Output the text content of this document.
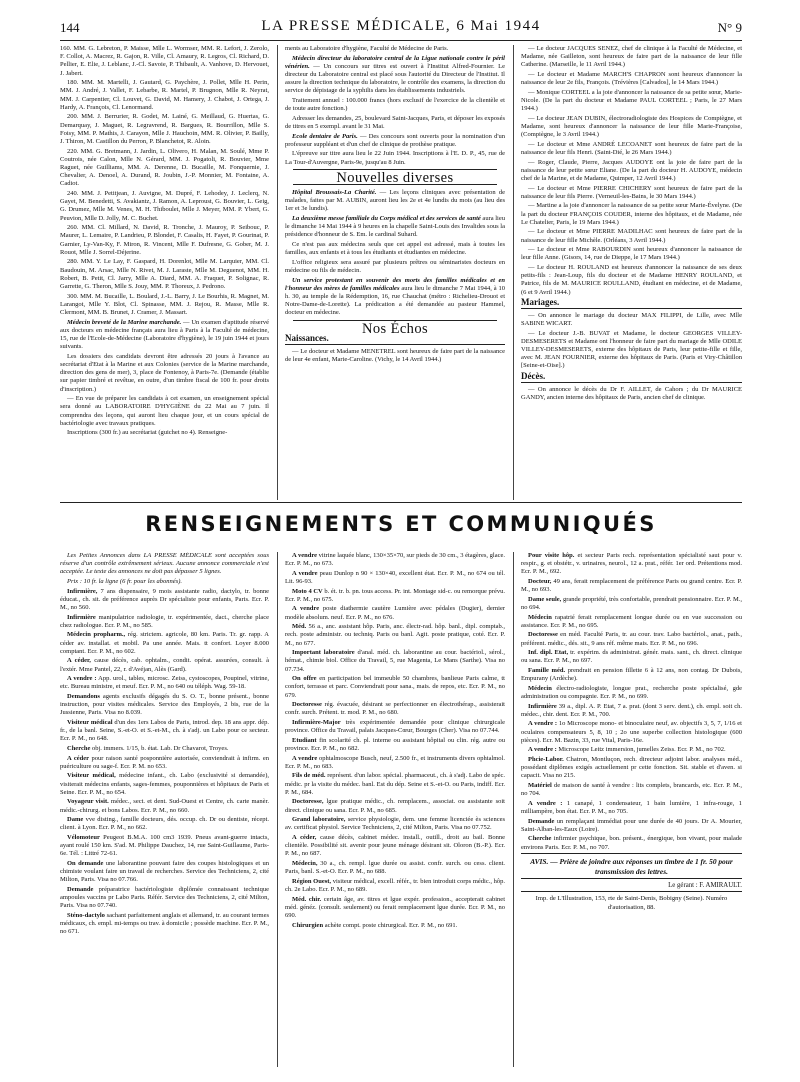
144	LA PRESSE MÉDICALE, 6 Mai 1944	N° 9

160. MM. G. Lebreton, P. Maisse, Mlle L. Wormser, MM. R. Lefort, J. Zerolo, F. Collot, A. Macrez, R. Gajon, R. Ville, Cl. Amaury, R. Legros, Cl. Richard, D. Pellier, E. Elie, J. Leblanc, J.-Cl. Savoie, P. Thibault, A. Vanhove, D. Hervouet, J. Jabert.

180. MM. M. Martelli, J. Gautard, G. Paychère, J. Pollet, Mlle H. Perin, MM. J. André, J. Vallet, F. Lebarbe, R. Martel, P. Brugnon, Mlle R. Neyrat, MM. J. Carpentier, Cl. Louvet, G. David, M. Hamery, J. Chabot, J. Ortega, J. Hardy, A. François, Cl. Lenormand.

200. MM. J. Berrurier, R. Godet, M. Lainé, G. Meillaud, G. Huertas, G. Demarquay, J. Maguet, R. Legravrend, R. Bargues, R. Bourrillon, Mlle S. Foisy, MM. P. Mathis, J. Carayon, Mlle J. Hauchoin, MM. R. Olivier, P. Bailly, J. Thiron, M. Castillon du Perron, P. Blanchetot, R. Aloin.

220. MM. G. Bretmann, J. Jardin, L. Olivero, H. Malan, M. Soulé, Mme P. Coutrois, née Calon, Mlle N. Gérard, MM. J. Pogatoli, R. Bouvier, Mme Raguet, née Guilliams, MM. A. Derenne, D. Bucaille, M. Fonquernie, J. Chevalier, A. Denoel, A. Durand, R. Joubin, J.-P. Monnier, M. Fontaine, A. Cadiot.

240. MM. J. Petitjean, J. Auvigne, M. Dupré, F. Lehodey, J. Leclerq, N. Gayet, M. Benedetti, S. Avakiantz, J. Ramon, A. Leproust, G. Bouvier, L. Geig, G. Drumez, Mlle M. Venes, M. H. Thiboulet, Mlle J. Meyer, MM. P. Ybert, G. Peuvion, Mlle D. Jolly, M. C. Buchet.

260. MM. Cl. Millard, N. David, R. Tronche, J. Mauroy, P. Seibouc, P. Maurer, L. Lemaire, P. Landrieu, P. Blondet, F. Casalis, H. Fayet, P. Gourinat, P. Garnier, Ly-Van-Ky, F. Miron, R. Vincent, Mlle F. Dufresne, G. Gober, M. J. Rouot, Mlle J. Sorrel-Déjerine.

280. MM. Y. Le Lay, F. Gaspard, H. Dorenlot, Mlle M. Larquier, MM. Cl. Baudouin, M. Arsac, Mlle N. Rivet, M. J. Laraste, Mlle M. Deguenot, MM. H. Robert, B. Petit, Cl. Jarry, Mlle A. Diard, MM. A. Fraquet, P. Solignac, R. Garrette, G. Theron, Mlle S. Jouy, MM. P. Thoreux, J. Pedrono.

300. MM. M. Bucaille, L. Boulard, J.-L. Barry, J. Le Bourhis, R. Magnet, M. Larangot, Mlle Y. Blot, Cl. Spinasse, MM. J. Rejou, R. Masse, Mlle R. Clermont, MM. B. Brunet, J. Cramer, J. Massart.

Médecin breveté de la Marine marchande. — Un examen d'aptitude réservé aux docteurs en médecine français aura lieu à Paris à la Faculté de médecine, 15, rue de l'Ecole-de-Médecine (Laboratoire d'hygiène), le 19 juin 1944 et jours suivants.

Les dossiers des candidats devront être adressés 20 jours à l'avance au secrétariat d'Etat à la Marine et aux Colonies (service de la Marine marchande, direction des gens de mer), 3, place de Fontenoy, à Paris-7e. (Demande (établie sur papier timbré et revêtue, en outre, d'un timbre fiscal de 100 fr. pour droits d'inscription.)

— En vue de préparer les candidats à cet examen, un enseignement spécial sera donné au LABORATOIRE D'HYGIÈNE du 22 Mai au 7 juin. Il comprendra des leçons, qui auront lieu chaque jour, et un cours spécial de bactériologie avec travaux pratiques.

Inscriptions (300 fr.) au secrétariat (guichet no 4). Renseigne-

ments au Laboratoire d'hygiène, Faculté de Médecine de Paris.

Médecin directeur du laboratoire central de la Ligue nationale contre le péril vénérien. — Un concours sur titres est ouvert à l'Institut Alfred-Fournier. Le directeur du Laboratoire central est placé sous l'autorité du Directeur de l'Institut. Il assure la direction technique du laboratoire, le contrôle des examens, la direction du service de dépistage de la syphilis dans les établissements industriels.

Traitement annuel : 100.000 francs (hors exclusif de l'exercice de la clientèle et de toute autre fonction.)

Adresser les demandes, 25, boulevard Saint-Jacques, Paris, et déposer les exposés de titres en 5 exempl. avant le 31 Mai.

Ecole dentaire de Paris. — Des concours sont ouverts pour la nomination d'un professeur suppléant et d'un chef de clinique de prothèse pratique.

L'épreuve sur titre aura lieu le 22 Juin 1944. Inscriptions à l'E. D. P., 45, rue de La Tour-d'Auvergne, Paris-9e, jusqu'au 8 Juin.

Nouvelles diverses

Hôpital Broussais-La Charité. — Les leçons cliniques avec présentation de malades, faites par M. AUBIN, auront lieu les 2e et 4e lundis du mois (au lieu des 1er et 3e lundis).

La deuxième messe familiale du Corps médical et des services de santé aura lieu le dimanche 14 Mai 1944 à 9 heures en la chapelle Saint-Louis des Invalides sous la présidence d'honneur de S. Em. le cardinal Suhard.

Ce n'est pas aux médecins seuls que cet appel est adressé, mais à toutes les familles, aux enfants et à tous les étudiants et étudiantes en médecine.

L'office religieux sera assuré par plusieurs prêtres ou séminaristes docteurs en médecine ou fils de médecin.

Un service protestant en souvenir des morts des familles médicales et en l'honneur des mères de familles médicales aura lieu le dimanche 7 Mai 1944, à 10 h. 30, au temple de la Rédemption, 16, rue Chauchat (métro : Richelieu-Drouot et Notre-Dame-de-Lorette). La prédication a été demandée au pasteur Hammel, docteur en médecine.

Nos Échos

Naissances.

— Le docteur et Madame MENETREL sont heureux de faire part de la naissance de leur 4e enfant, Marie-Caroline. (Vichy, le 14 Avril 1944.)

— Le docteur JACQUES SENEZ, chef de clinique à la Faculté de Médecine, et Madame, née Gailleton, sont heureux de faire part de la naissance de leur fille Catherine. (Marseille, le 11 Avril 1944.)

— Le docteur et Madame MARCH'S CHAPRON sont heureux d'annoncer la naissance de leur 2e fils, François. (Trévières [Calvados], le 14 Mars 1944.)

— Monique CORTEEL a la joie d'annoncer la naissance de sa petite sœur, Marie-Nicole. (De la part du docteur et Madame PAUL CORTEEL ; Paris, le 27 Mars 1944.)

— Le docteur JEAN DUBIN, électroradiologiste des Hospices de Compiègne, et Madame, sont heureux d'annoncer la naissance de leur fille Marie-Françoise, (Compiègne, le 3 Avril 1944.)

— Le docteur et Mme ANDRÉ LECOANET sont heureux de faire part de la naissance de leur fils Henri. (Saint-Dié, le 26 Mars 1944.)

— Roger, Claude, Pierre, Jacques AUDOYE ont la joie de faire part de la naissance de leur petite sœur Eliane. (De la part du docteur H. AUDOYE, médecin chef de la Marine, et de Madame, Quimper, 12 Avril 1944.)

— Le docteur et Mme PIERRE CHICHERY sont heureux de faire part de la naissance de leur fils Pierre. (Verneuil-les-Bains, le 30 Mars 1944.)

— Martine a la joie d'annoncer la naissance de sa petite sœur Marie-Évelyne. (De la part du docteur FRANÇOIS COUDER, interne des hôpitaux, et de Madame, née Le Chatelier, Paris, le 19 Mars 1944.)

— Le docteur et Mme PIERRE MADILHAC sont heureux de faire part de la naissance de leur fille Michèle. (Orléans, 3 Avril 1944.)

— Le docteur et Mme RABOURDIN sont heureux d'annoncer la naissance de leur fille Anne. (Gisors, 14, rue de Dieppe, le 17 Mars 1944.)

— Le docteur H. ROULAND est heureux d'annoncer la naissance de ses deux petits-fils : Jean-Loup, fils du docteur et de Madame HENRY ROULAND, et Patrice, fils de M. MAURICE ROULLAND, étudiant en médecine, et de Madame, (6 et 9 Avril 1944.)

Mariages.

— On annonce le mariage du docteur MAX FILIPPI, de Lille, avec Mlle SABINE WICART.

— Le docteur J.-B. BUVAT et Madame, le docteur GEORGES VILLEY-DESMESERETS et Madame ont l'honneur de faire part du mariage de Mlle ODILE VILLEY-DESMESERETS, externe des hôpitaux de Paris, leur petite-fille et fille, avec M. JEAN FOURNIER, externe des hôpitaux de Paris. (Paris et Viry-Châtillon [Seine-et-Oise].)

Décès.

— On annonce le décès du Dr F. AILLET, de Cahors ; du Dr MAURICE GANDY, ancien interne des hôpitaux de Paris, ancien chef de clinique.

RENSEIGNEMENTS ET COMMUNIQUÉS

Les Petites Annonces dans LA PRESSE MÉDICALE sont acceptées sous réserve d'un contrôle extrêmement sérieux. Aucune annonce commerciale n'est acceptée. Le texte des annonces ne doit pas dépasser 5 lignes.

Prix : 10 fr. la ligne (6 fr. pour les abonnés).

Infirmière, 7 ans dispensaire, 9 mois assistante radio, dactylo, tr. bonne éducat., ch. sit. de préférence auprès Dr spécialiste pour enfants, Paris. Ecr. P. M., no 560.

Infirmière manipulatrice radiologie, tr. expérimentée, dact., cherche place chez radiologue. Ecr. P. M., no 585.

Médecin propharm., rég. strictem. agricole, 80 km. Paris. Tr. gr. rapp. A céder av. installat. et mobil. Pa une année. Mais. tt confort. Loyer 8.000 comptant. Ecr. P. M., no 602.

A céder, cause décès, cab. ophtalm., condit. opérat. assurées, consult. à l'extér. Mme Pantel, 22, r. d'Avéjan, Alès (Gard).

A vendre : App. urol., tables, microsc. Zeiss, cystoscopes, Poupinel, vitrine, etc. Bureau ministre, et meuf. Ecr. P. M., no 640 ou téléph. Wag. 59-18.

Demandons agents exclusifs dégagés du S. O. T., bonne présent., bonne instruction, pour visites médicales. Service des Employés, 2 bis, rue de la Jussienne, Paris. Visa no 8.039.

Visiteur médical d'un des 1ers Labos de Paris, introd. dep. 18 ans appr. dép. fr., de la banl. Seine, S.-et-O. et S.-et-M., ch. à s'adj. un Labo pour ce secteur. Ecr. P. M., no 648.

Cherche obj. immers. 1/15, b. état. Lab. Dr Chavarot, Troyes.

A céder pour raison santé posponnière autorisée, conviendrait à infirm. en puériculture ou sage-f. Ecr. P. M. no 653.

Visiteur médical, médecine infant., ch. Labo (exclusivité si demandée), visiterait médecins enfants, sages-femmes, pouponnières et hôpitaux de Paris et Seine. Ecr. P. M., no 654.

Voyageur visit. médec., sect. et dent. Sud-Ouest et Centre, ch. carte manèr. médic.-chirurg. et bons Labos. Ecr. P. M., no 660.

Dame vve disting., famille docteurs, dés. occup. ch. Dr ou dentiste, récept. client. à Lyon. Ecr. P. M., no 662.

Vélomoteur Peugeot B.M.A. 100 cm3 1939. Pneus avant-guerre intacts, ayant roulé 150 km. S'ad. M. Philippe Dauchez, 14, rue Saint-Guillaume, Paris-6e. Tél. : Littré 72-61.

On demande une laborantine pouvant faire des coupes histologiques et un chimiste voulant faire un travail de recherches. Service des Techniciens, 2, cité Milton, Paris. Visa no 07.766.

Demande préparatrice bactériologiste diplômée connaissant technique ampoules vaccins pr Labo Paris. Référ. Service des Techniciens, 2, cité Milton, Paris. Visa no 07.740.

Sténo-dactylo sachant parfaitement anglais et allemand, tr. au courant termes médicaux, ch. empl. mi-temps ou trav. à domicile ; possède machine. Ecr. P. M., no 671.

A vendre vitrine laquée blanc, 130×35×70, sur pieds de 30 cm., 3 étagères, glace. Ecr. P. M., no 673.

A vendre peau Dunlop n 90 × 130×40, excellent état. Ecr. P. M., no 674 ou tél. Lit. 96-93.

Moto 4 CV b. ét. tr. b. pn. tous access. Pr. int. Montage sid-c. ou remorque prévu. Ecr. P. M., no 675.

A vendre poste diathermie cautère Lumière avec pédales (Dugier), dernier modèle absolum. neuf. Ecr. P. M., no 676.

Méd. 56 a., anc. assistant hôp. Paris, anc. électr-rad. hôp. banl., dipl. comptab., rech. poste administr. ou techniq. Paris ou banl. Agit. poste pratique, coté. Ecr. P. M., no 677.

Important laboratoire d'anal. méd. ch. laborantine au cour. bactériol., sérol., hémat., chimie biol. Office du Travail, 5, rue Magenta, Le Mans (Sarthe). Visa no 07.734.

On offre en participation bel immeuble 50 chambres, banlieue Paris calme, tt confort, terrasse et parc. Conviendrait pour sana., mais. de repos, etc. Ecr. P. M., no 679.

Doctoresse rég. évacuée, désirant se perfectionner en électrothérap., assisterait confr. surch. Prétent. tr. mod. P. M., no 680.

Infirmière-Major très expérimentée demandée pour clinique chirurgicale province. Office du Travail, palais Jacques-Cœur, Bourges (Cher). Visa no 07.744.

Etudiant fin scolarité ch. pl. interne ou assistant hôpital ou clin. rég. autre ou province. Ecr. P. M., no 682.

A vendre ophtalmoscope Busch, neuf, 2.500 fr., et instruments divers ophtalmol. Ecr. P. M., no 683.

Fils de méd. représent. d'un labor. spécial. pharmaceut., ch. à s'adj. Labo de spéc. médic. pr la visite du médec. banl. Est du dép. Seine et S.-et-O. ou Paris, indiff. Ecr. P. M., 684.

Doctoresse, lgue pratique médic., ch. remplacem., associat. ou assistante soit direct. clinique ou sana. Ecr. P. M., no 685.

Grand laboratoire, service physiologie, dem. une femme licenciée ès sciences av. certificat physiol. Service Techniciens, 2, cité Milton, Paris. Visa no 07.752.

A céder, cause décès, cabinet médec. install., outill., droit au bail. Bonne clientèle. Possibilité sit. avenir pour jeune ménage désirant sit. Oloron (B.-P.). Ecr. P. M., no 687.

Médecin, 30 a., ch. rempl. lgue durée ou assist. confr. surch. ou cess. client. Paris, banl. S.-et-O. Ecr. P. M., no 688.

Région Ouest, visiteur médical, excell. référ., tr. bien introduit corps médic., hôp. ch. 2e Labo. Ecr. P. M., no 689.

Méd. chir. certain âge, av. titres et lgue expér. profession., accepterait cabinet méd. généz. (consult. seulement) ou ferait remplacement lgue durée. Ecr. P. M., no 690.

Chirurgien achète compt. poste chirurgical. Ecr. P. M., no 691.

Pour visite hôp. et secteur Paris rech. représentation spécialisté saut pour v. respir., g. et obstétr., v. urinaires, neurol., 12 a. prat., référ. 1er ord. Prétentions mod. Ecr. P. M., 692.

Docteur, 49 ans, ferait remplacement de préférence Paris ou grand centre. Ecr. P. M., no 693.

Dame seule, grande propriété, très confortable, prendrait pensionnaire. Ecr. P. M., no 694.

Médecin rapatrié ferait remplacement longue durée ou en vue succession ou assistance. Ecr. P. M., no 695.

Doctoresse en méd. Faculté Paris, tr. au cour. trav. Labo bactériol., anat., path., préférent. médic., dés. sit., 9 ans réf. même mais. Ecr. P. M., no 696.

Inf. dipl. Etat, tr. expérim. ds administrat. génér. mais. sant., ch. direct. clinique ou sana. Ecr. P. M., no 697.

Famille méd. prendrait en pension fillette 6 à 12 ans, non contag. Dr Dubois, Empurany (Ardèche).

Médecin électro-radiologiste, longue prat., recherche poste spécialisé, gde administration ou compagnie. Ecr. P. M., no 699.

Infirmière 39 a., dipl. A. P. Etat, 7 a. prat. (dont 3 serv. dent.), ch. empl. soit ch. médec., chir. dent. Ecr. P. M., 700.

A vendre : 1o Microscope mono- et binoculaire neuf, av. objectifs 3, 5, 7, 1/16 et oculaires compensateurs 5, 8, 10 ; 2o une superbe collection histologique (600 pièces). Ecr. M. Bazin, 33, rue Vital, Paris-16e.

A vendre : Microscope Leitz immersion, jumelles Zeiss. Ecr. P. M., no 702.

Phcie-Labor. Chatron, Montluçon, rech. directeur adjoint labor. analyses méd., possédant diplômes exigés actuellement pr cette fonction. Sit. stable et d'aven. si capacit. Visa no 215.

Matériel de maison de santé à vendre : lits complets, brancards, etc. Ecr. P. M., no 704.

A vendre : 1 canapé, 1 condensateur, 1 bain lumière, 1 infra-rouge, 1 milliampère, bon état. Ecr. P. M., no 705.

Demande un remplaçant immédiat pour une durée de 40 jours. Dr A. Mourier, Saint-Alban-les-Eaux (Loire).

Cherche infirmier psychique, bon. présent., énergique, bon vivant, pour malade environs Paris. Ecr. P. M., no 707.

AVIS. — Prière de joindre aux réponses un timbre de 1 fr. 50 pour transmission des lettres.

Le gérant : F. AMIRAULT.

Imp. de L'Illustration, 153, rte de Saint-Denis, Bobigny (Seine). Numéro d'autorisation, 88.
